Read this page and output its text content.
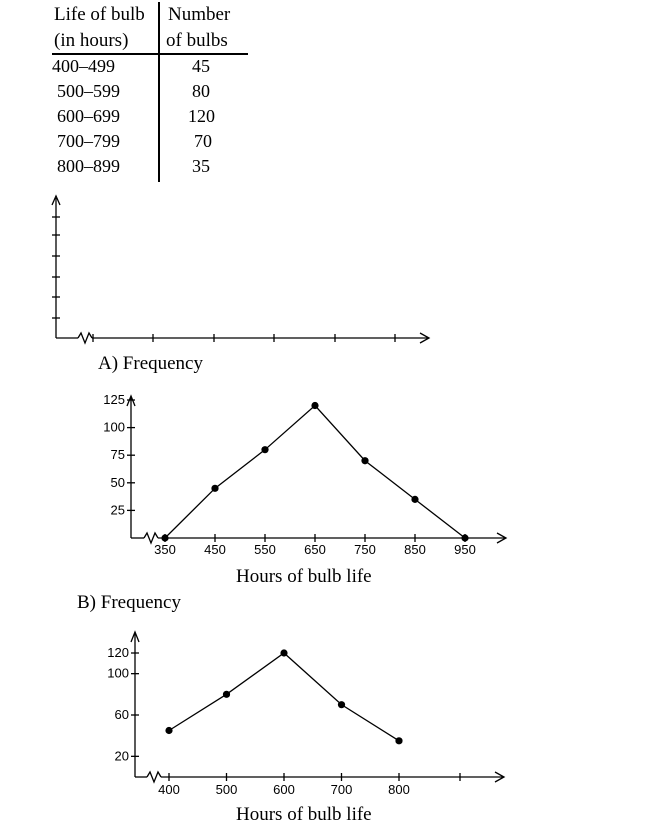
Life of bulb
(in hours)
Number
of bulbs
400–499	45
500–599	80
600–699	120
700–799	70
800–899	35
A) Frequency
Hours of bulb life
B) Frequency
Hours of bulb life
25
50
75
100
125
350 450 550 650 750 850 950
20
60
100
120
400	500	600	700	800
